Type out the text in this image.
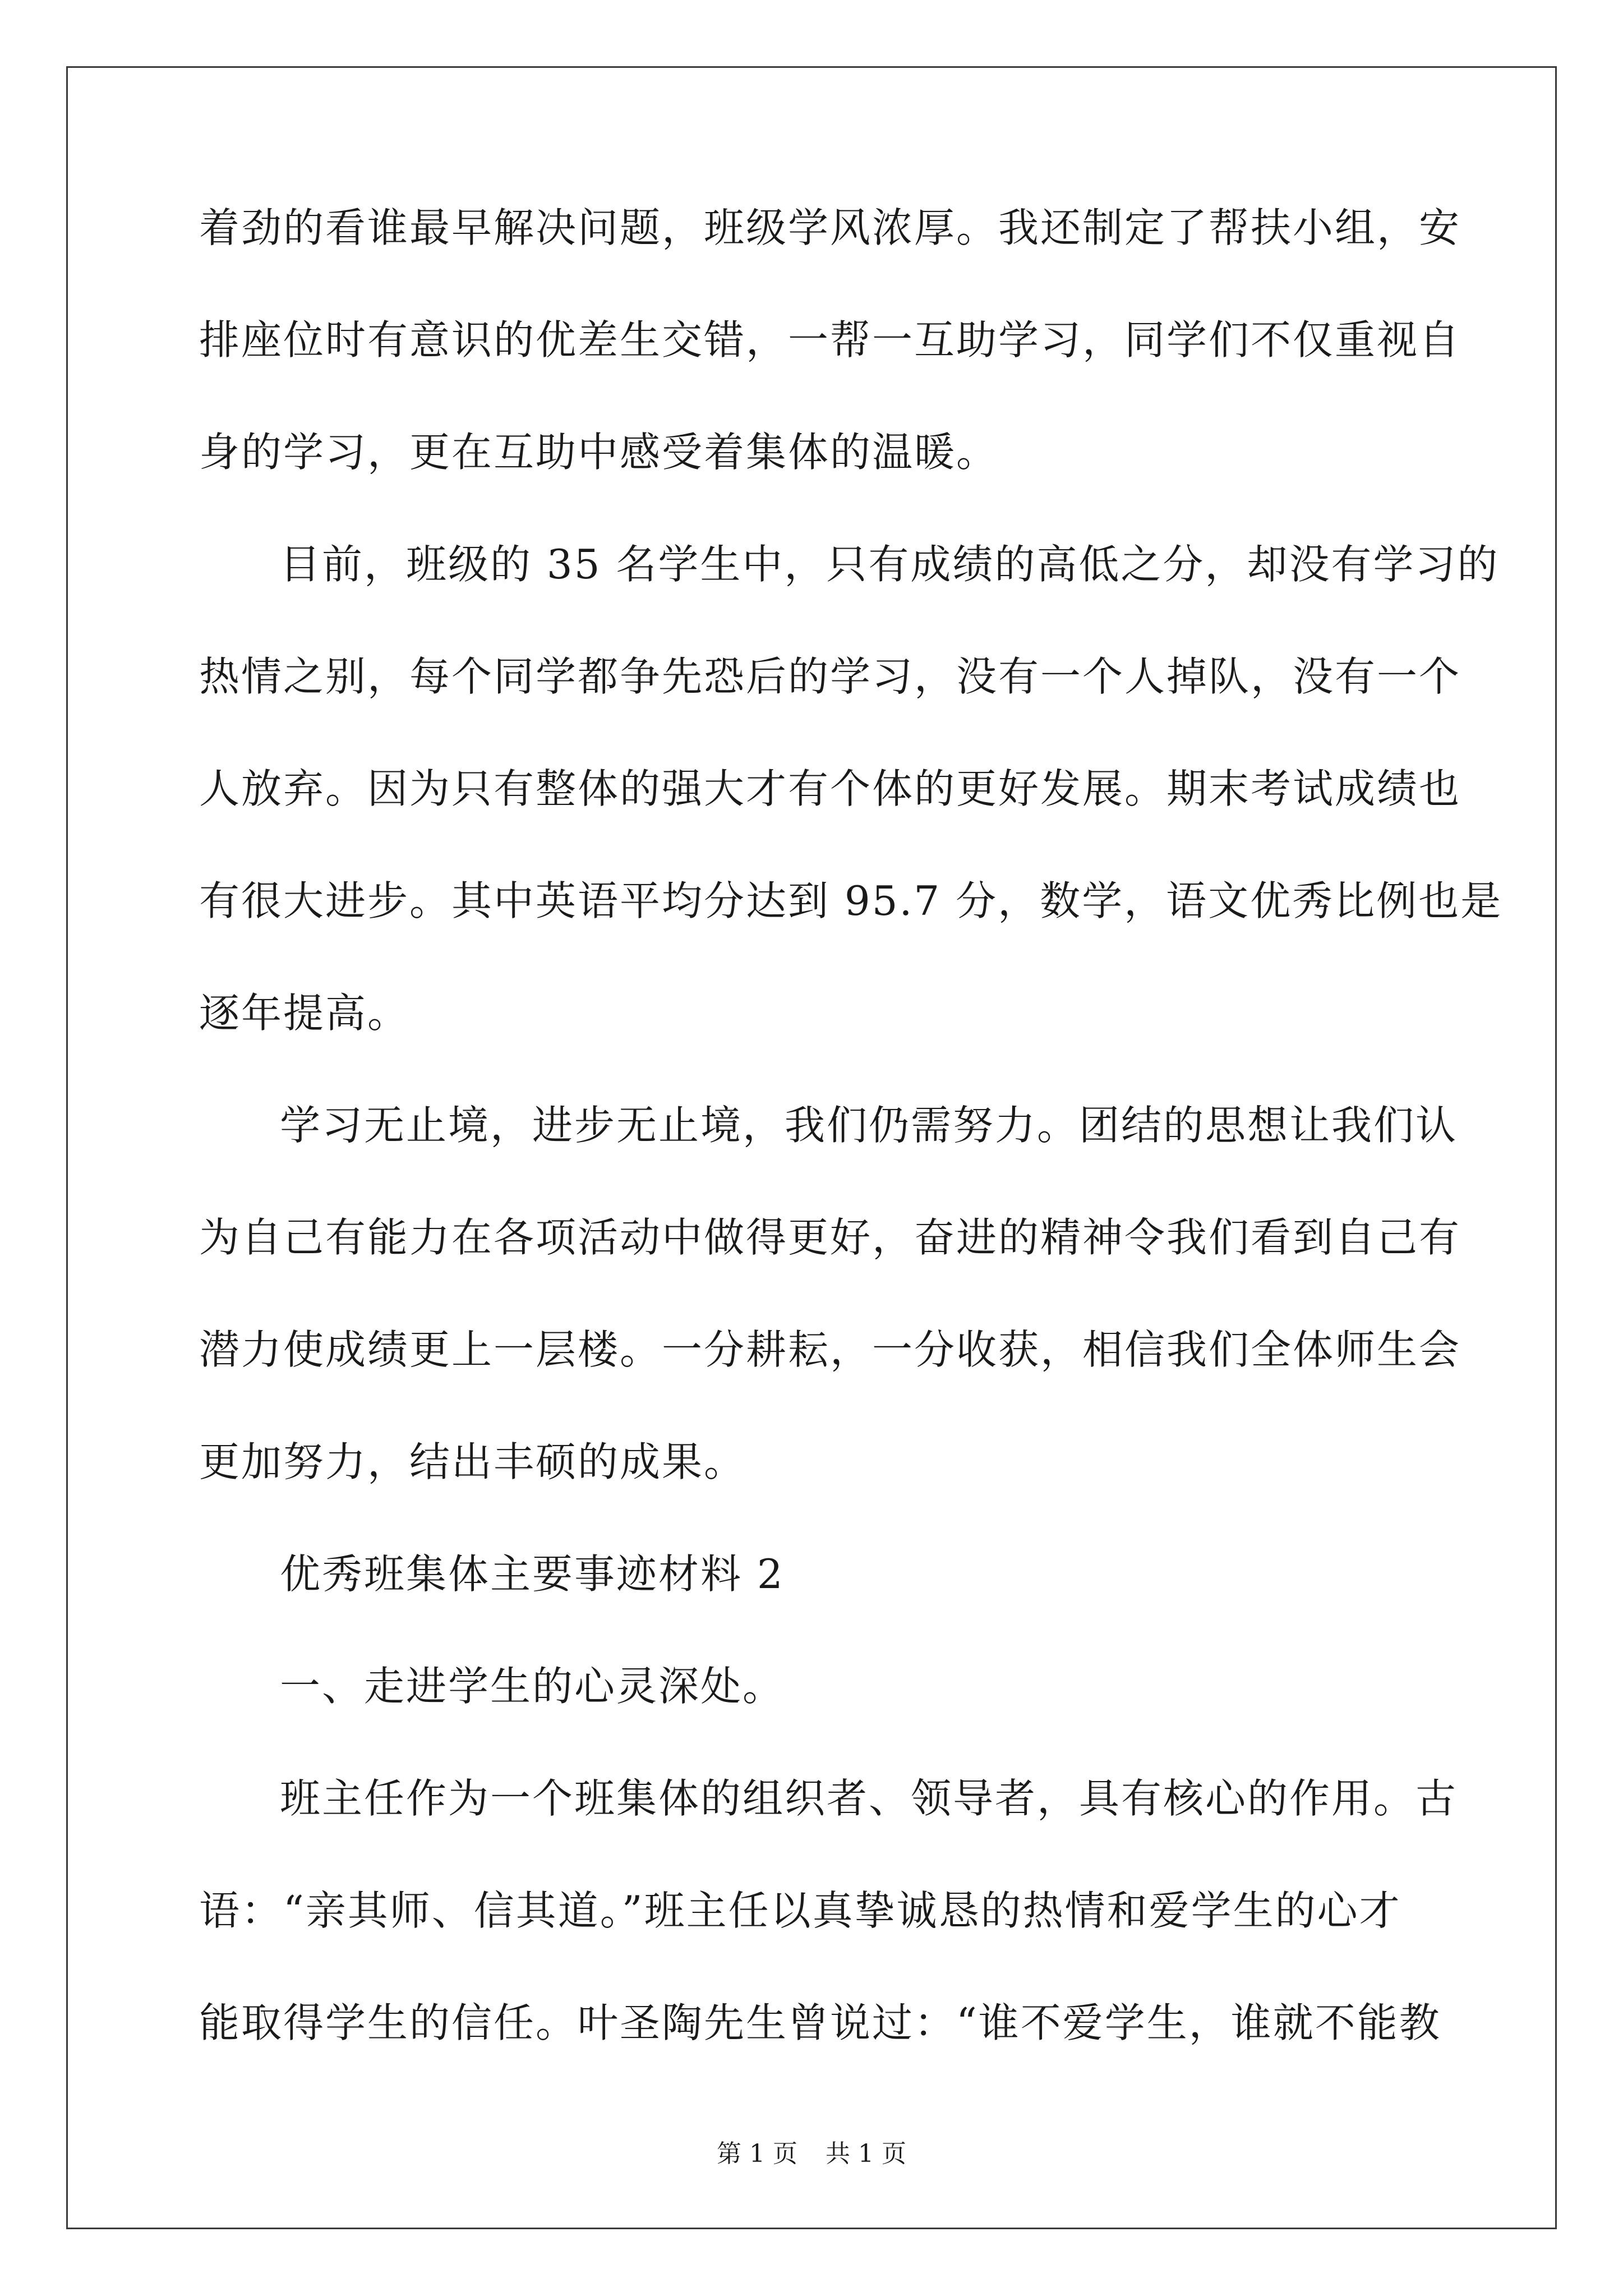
着劲的看谁最早解决问题，班级学风浓厚。我还制定了帮扶小组，安
排座位时有意识的优差生交错，一帮一互助学习，同学们不仅重视自
身的学习，更在互助中感受着集体的温暖。
目前，班级的 35 名学生中，只有成绩的高低之分，却没有学习的
热情之别，每个同学都争先恐后的学习，没有一个人掉队，没有一个
人放弃。因为只有整体的强大才有个体的更好发展。期末考试成绩也
有很大进步。其中英语平均分达到 95.7 分，数学，语文优秀比例也是
逐年提高。
学习无止境，进步无止境，我们仍需努力。团结的思想让我们认
为自己有能力在各项活动中做得更好，奋进的精神令我们看到自己有
潜力使成绩更上一层楼。一分耕耘，一分收获，相信我们全体师生会
更加努力，结出丰硕的成果。
优秀班集体主要事迹材料 2
一、走进学生的心灵深处。
班主任作为一个班集体的组织者、领导者，具有核心的作用。古
语：“亲其师、信其道。”班主任以真挚诚恳的热情和爱学生的心才
能取得学生的信任。叶圣陶先生曾说过：“谁不爱学生，谁就不能教
第 1 页 共 1 页
